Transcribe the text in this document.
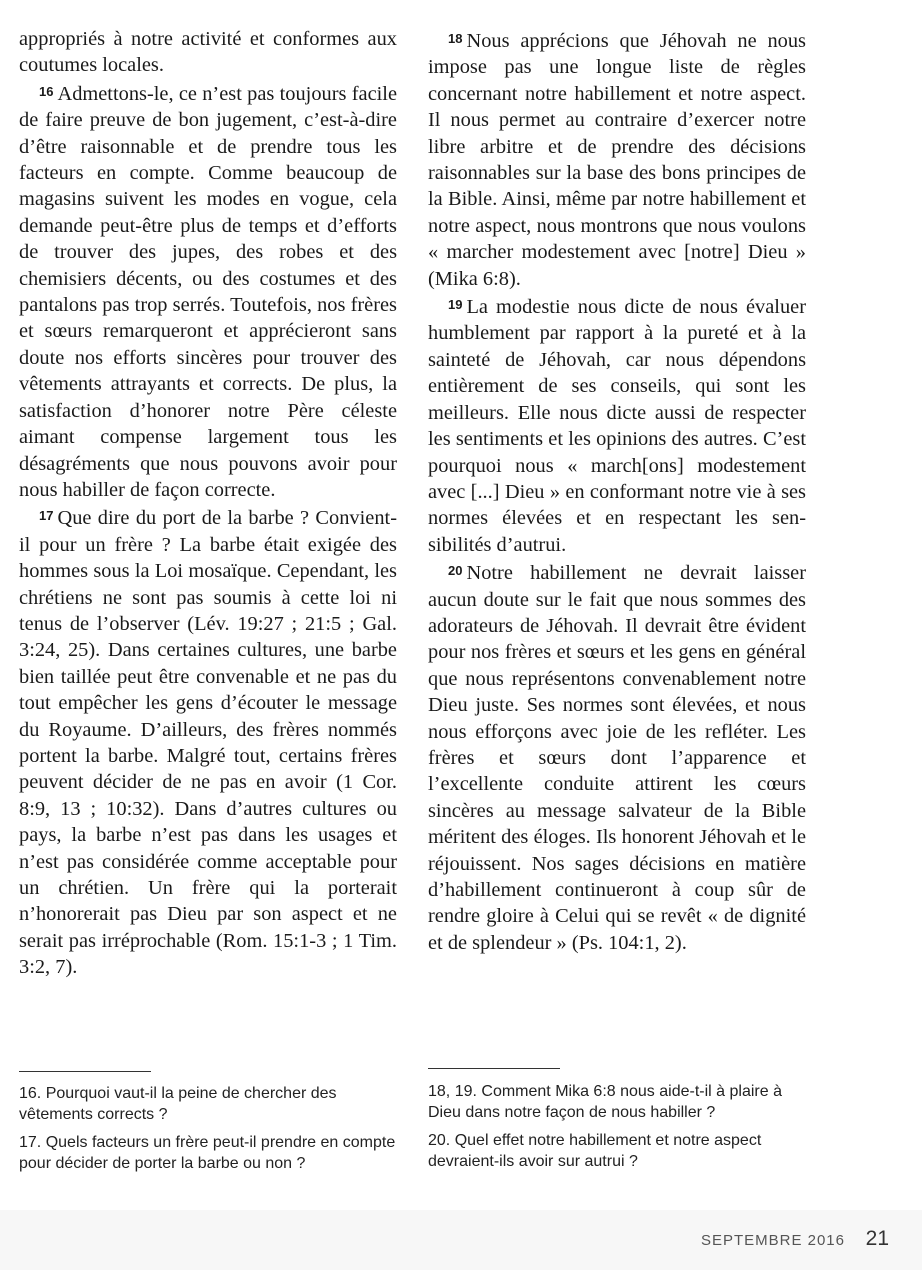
appropriés à notre activité et conformes aux coutumes locales.

16 Admettons-le, ce n’est pas toujours facile de faire preuve de bon jugement, c’est-à-dire d’être raisonnable et de prendre tous les facteurs en compte. Comme beaucoup de magasins suivent les modes en vogue, cela demande peut-être plus de temps et d’efforts de trouver des jupes, des robes et des chemisiers décents, ou des costumes et des pantalons pas trop serrés. Toutefois, nos frères et sœurs remarqueront et apprécieront sans doute nos efforts sincères pour trouver des vêtements attrayants et corrects. De plus, la satisfaction d’honorer notre Père céleste aimant compense largement tous les désagréments que nous pouvons avoir pour nous habiller de façon correcte.

17 Que dire du port de la barbe ? Convient-il pour un frère ? La barbe était exigée des hommes sous la Loi mosaïque. Cependant, les chrétiens ne sont pas soumis à cette loi ni tenus de l’observer (Lév. 19:27 ; 21:5 ; Gal. 3:24, 25). Dans certaines cultures, une barbe bien taillée peut être convenable et ne pas du tout empêcher les gens d’écouter le message du Royaume. D’ailleurs, des frères nommés portent la barbe. Malgré tout, certains frères peuvent décider de ne pas en avoir (1 Cor. 8:9, 13 ; 10:32). Dans d’autres cultures ou pays, la barbe n’est pas dans les usages et n’est pas considérée comme acceptable pour un chrétien. Un frère qui la porterait n’honorerait pas Dieu par son aspect et ne serait pas irréprochable (Rom. 15:1-3 ; 1 Tim. 3:2, 7).

18 Nous apprécions que Jéhovah ne nous impose pas une longue liste de règles concernant notre habillement et notre aspect. Il nous permet au contraire d’exercer notre libre arbitre et de prendre des décisions raisonnables sur la base des bons principes de la Bible. Ainsi, même par notre habillement et notre aspect, nous montrons que nous voulons « marcher modestement avec [notre] Dieu » (Mika 6:8).

19 La modestie nous dicte de nous évaluer humblement par rapport à la pureté et à la sainteté de Jéhovah, car nous dépendons entièrement de ses conseils, qui sont les meilleurs. Elle nous dicte aussi de respecter les sentiments et les opinions des autres. C’est pourquoi nous « march[ons] modestement avec [...] Dieu » en conformant notre vie à ses normes élevées et en respectant les sensibilités d’autrui.

20 Notre habillement ne devrait laisser aucun doute sur le fait que nous sommes des adorateurs de Jéhovah. Il devrait être évident pour nos frères et sœurs et les gens en général que nous représentons convenablement notre Dieu juste. Ses normes sont élevées, et nous nous efforçons avec joie de les refléter. Les frères et sœurs dont l’apparence et l’excellente conduite attirent les cœurs sincères au message salvateur de la Bible méritent des éloges. Ils honorent Jéhovah et le réjouissent. Nos sages décisions en matière d’habillement continueront à coup sûr de rendre gloire à Celui qui se revêt « de dignité et de splendeur » (Ps. 104:1, 2).

16. Pourquoi vaut-il la peine de chercher des vêtements corrects ?

17. Quels facteurs un frère peut-il prendre en compte pour décider de porter la barbe ou non ?

18, 19. Comment Mika 6:8 nous aide-t-il à plaire à Dieu dans notre façon de nous habiller ?

20. Quel effet notre habillement et notre aspect devraient-ils avoir sur autrui ?

SEPTEMBRE 2016 21
